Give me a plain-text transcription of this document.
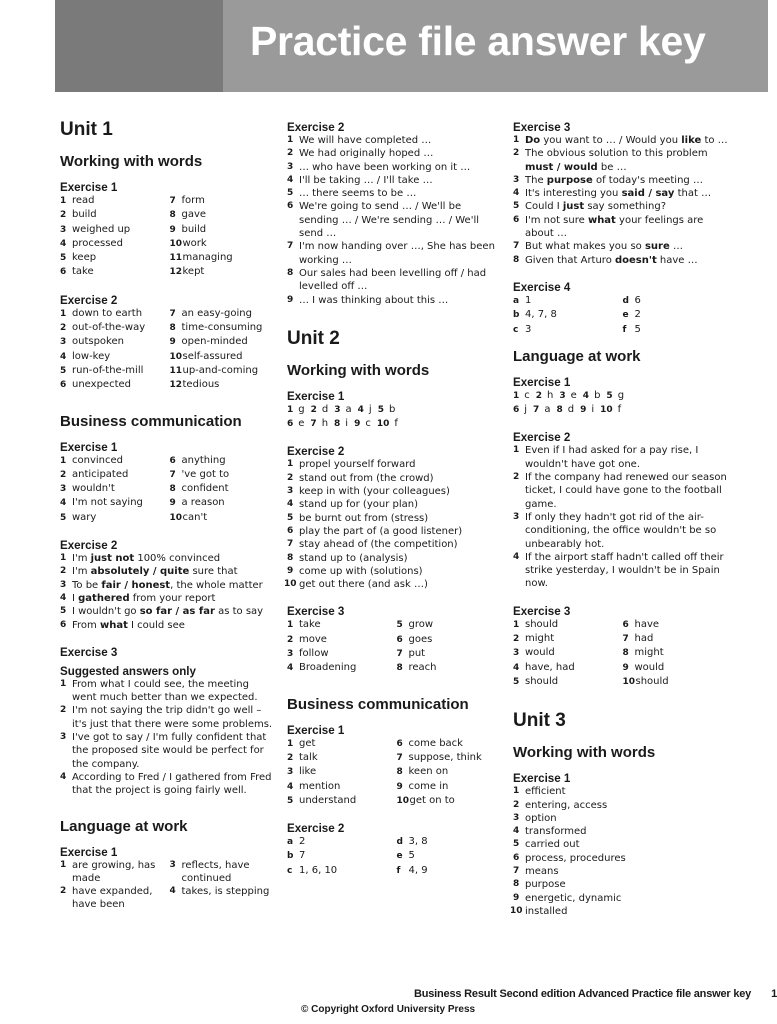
Practice file answer key
Unit 1
Working with words
Exercise 1
1 read
2 build
3 weighed up
4 processed
5 keep
6 take
7 form
8 gave
9 build
10work
11managing
12kept
Exercise 2
1 down to earth
2 out-of-the-way
3 outspoken
4 low-key
5 run-of-the-mill
6 unexpected
7 an easy-going
8 time-consuming
9 open-minded
10self-assured
11up-and-coming
12tedious
Business communication
Exercise 1
1 convinced
2 anticipated
3 wouldn't
4 I'm not saying
5 wary
6 anything
7 've got to
8 confident
9 a reason
10can't
Exercise 2
1 I'm just not 100% convinced
2 I'm absolutely / quite sure that
3 To be fair / honest, the whole matter
4 I gathered from your report
5 I wouldn't go so far / as far as to say
6 From what I could see
Exercise 3
Suggested answers only
1 From what I could see, the meeting went much better than we expected.
2 I'm not saying the trip didn't go well – it's just that there were some problems.
3 I've got to say / I'm fully confident that the proposed site would be perfect for the company.
4 According to Fred / I gathered from Fred that the project is going fairly well.
Language at work
Exercise 1
1 are growing, has made
2 have expanded, have been
3 reflects, have continued
4 takes, is stepping
Exercise 2
1 We will have completed …
2 We had originally hoped …
3 … who have been working on it …
4 I'll be taking … / I'll take …
5 … there seems to be …
6 We're going to send … / We'll be sending … / We're sending … / We'll send …
7 I'm now handing over …, She has been working …
8 Our sales had been levelling off / had levelled off …
9 … I was thinking about this …
Unit 2
Working with words
Exercise 1
1 g 2 d 3 a 4 j 5 b
6 e 7 h 8 i 9 c 10 f
Exercise 2
1 propel yourself forward
2 stand out from (the crowd)
3 keep in with (your colleagues)
4 stand up for (your plan)
5 be burnt out from (stress)
6 play the part of (a good listener)
7 stay ahead of (the competition)
8 stand up to (analysis)
9 come up with (solutions)
10 get out there (and ask …)
Exercise 3
1 take
2 move
3 follow
4 Broadening
5 grow
6 goes
7 put
8 reach
Business communication
Exercise 1
1 get
2 talk
3 like
4 mention
5 understand
6 come back
7 suppose, think
8 keen on
9 come in
10get on to
Exercise 2
a 2
b 7
c 1, 6, 10
d 3, 8
e 5
f 4, 9
Exercise 3
1 Do you want to … / Would you like to …
2 The obvious solution to this problem must / would be …
3 The purpose of today's meeting …
4 It's interesting you said / say that …
5 Could I just say something?
6 I'm not sure what your feelings are about …
7 But what makes you so sure …
8 Given that Arturo doesn't have …
Exercise 4
a 1
b 4, 7, 8
c 3
d 6
e 2
f 5
Language at work
Exercise 1
1 c 2 h 3 e 4 b 5 g
6 j 7 a 8 d 9 i 10 f
Exercise 2
1 Even if I had asked for a pay rise, I wouldn't have got one.
2 If the company had renewed our season ticket, I could have gone to the football game.
3 If only they hadn't got rid of the air-conditioning, the office wouldn't be so unbearably hot.
4 If the airport staff hadn't called off their strike yesterday, I wouldn't be in Spain now.
Exercise 3
1 should
2 might
3 would
4 have, had
5 should
6 have
7 had
8 might
9 would
10should
Unit 3
Working with words
Exercise 1
1 efficient
2 entering, access
3 option
4 transformed
5 carried out
6 process, procedures
7 means
8 purpose
9 energetic, dynamic
10 installed
Business Result Second edition Advanced Practice file answer key 1
© Copyright Oxford University Press
